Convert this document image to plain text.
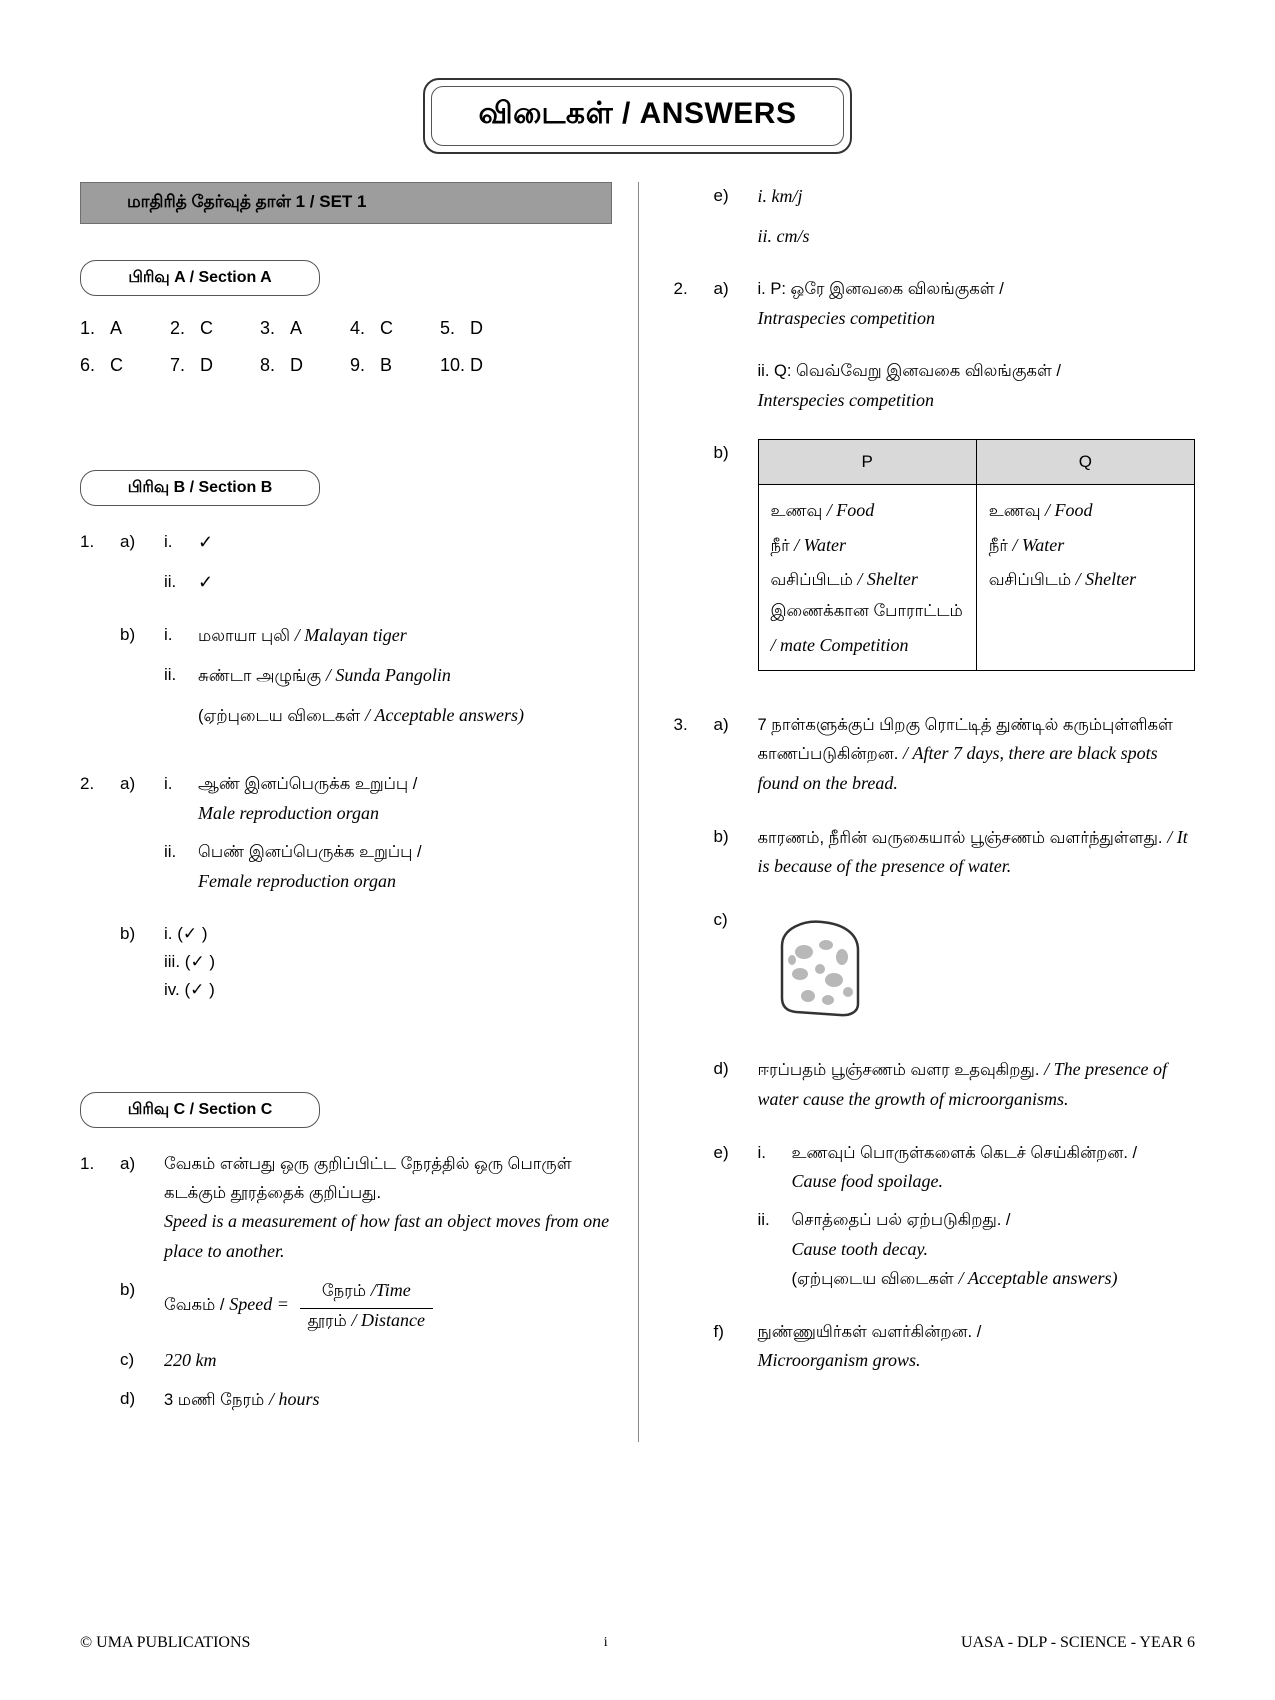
விடைகள் / ANSWERS
மாதிரித் தேர்வுத் தாள் 1 / SET 1
பிரிவு A / Section A
1. A	2. C	3. A	4. C	5. D
6. C	7. D	8. D	9. B	10. D
பிரிவு B / Section B
1.	a)	i.	✓
ii.	✓
b)	i.	மலாயா புலி / Malayan tiger
ii.	சுண்டா அழுங்கு / Sunda Pangolin
(ஏற்புடைய விடைகள் / Acceptable answers)
2.	a)	i.	ஆண் இனப்பெருக்க உறுப்பு /
Male reproduction organ
ii.	பெண் இனப்பெருக்க உறுப்பு /
Female reproduction organ
b)	i. (✓ )
iii. (✓ )
iv. (✓ )
பிரிவு C / Section C
1.	a)	வேகம் என்பது ஒரு குறிப்பிட்ட நேரத்தில் ஒரு பொருள் கடக்கும் தூரத்தைக் குறிப்பது.
Speed is a measurement of how fast an object moves from one place to another.
b)
வேகம் / Speed = $\frac{\text{நேரம் /Time}}{\text{தூரம் / Distance}}$
c)	220 km
d)	3 மணி நேரம் / hours
e)	i. km/j
ii. cm/s
2.	a)	i. P: ஒரே இனவகை விலங்குகள் /
Intraspecies competition
ii. Q: வெவ்வேறு இனவகை விலங்குகள் /
Interspecies competition
b)	P	Q
உணவு / Food
நீர் / Water
வசிப்பிடம் / Shelter
இணைக்கான போராட்டம் / mate Competition	உணவு / Food
நீர் / Water
வசிப்பிடம் / Shelter
3.	a)	7 நாள்களுக்குப் பிறகு ரொட்டித் துண்டில் கரும்புள்ளிகள் காணப்படுகின்றன. / After 7 days, there are black spots found on the bread.
b)	காரணம், நீரின் வருகையால் பூஞ்சணம் வளர்ந்துள்ளது. / It is because of the presence of water.
c)
d)	ஈரப்பதம் பூஞ்சணம் வளர உதவுகிறது. / The presence of water cause the growth of microorganisms.
e)	i.	உணவுப் பொருள்களைக் கெடச் செய்கின்றன. /
Cause food spoilage.
ii.	சொத்தைப் பல் ஏற்படுகிறது. /
Cause tooth decay.
(ஏற்புடைய விடைகள் / Acceptable answers)
f)	நுண்ணுயிர்கள் வளர்கின்றன. /
Microorganism grows.
© UMA PUBLICATIONS	i	UASA - DLP - SCIENCE - YEAR 6
